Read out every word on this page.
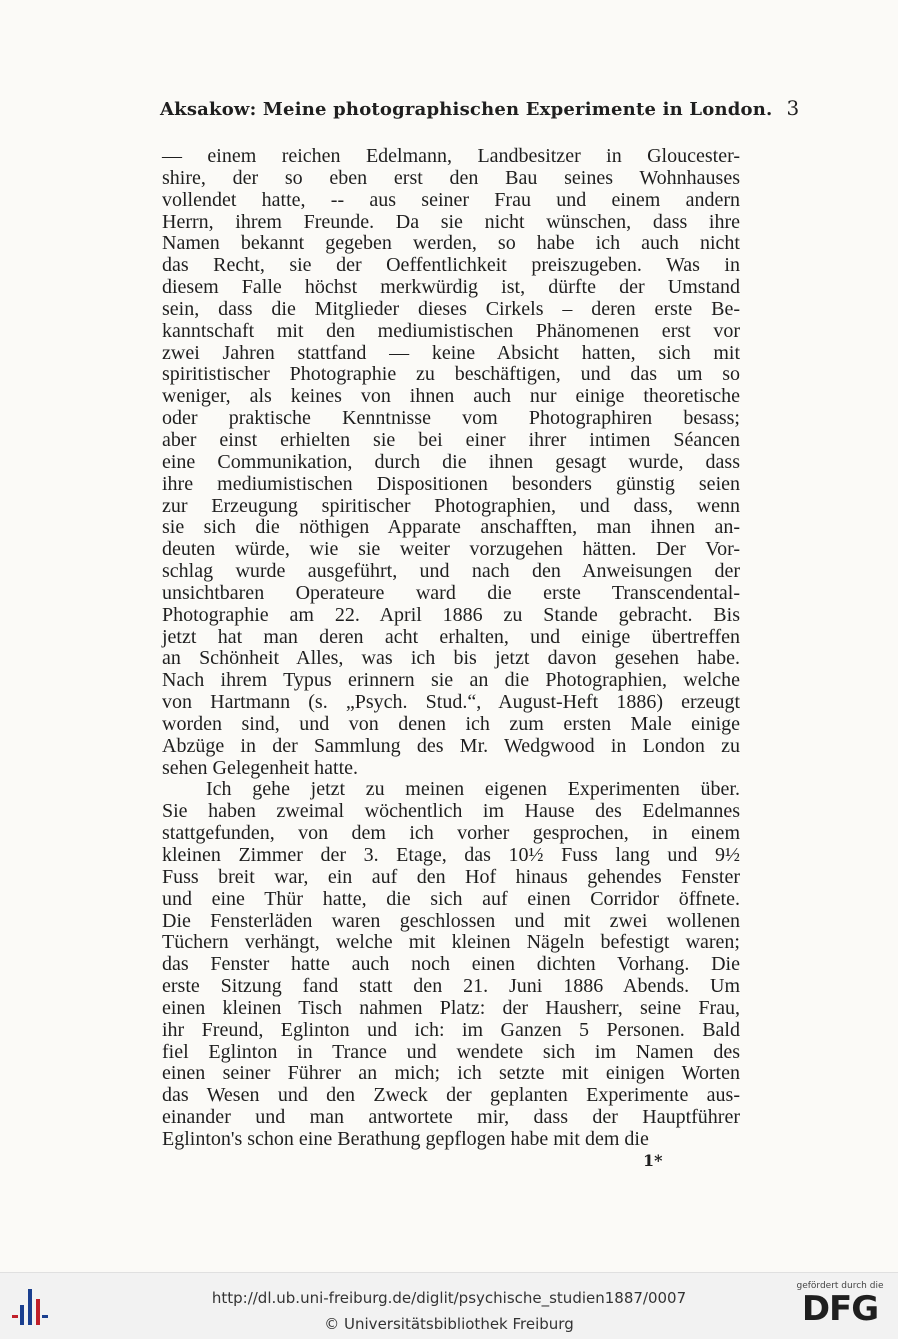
Aksakow: Meine photographischen Experimente in London. 3
— einem reichen Edelmann, Landbesitzer in Gloucester-
shire, der so eben erst den Bau seines Wohnhauses
vollendet hatte, -- aus seiner Frau und einem andern
Herrn, ihrem Freunde. Da sie nicht wünschen, dass ihre
Namen bekannt gegeben werden, so habe ich auch nicht
das Recht, sie der Oeffentlichkeit preiszugeben. Was in
diesem Falle höchst merkwürdig ist, dürfte der Umstand
sein, dass die Mitglieder dieses Cirkels – deren erste Be-
kanntschaft mit den mediumistischen Phänomenen erst vor
zwei Jahren stattfand — keine Absicht hatten, sich mit
spiritistischer Photographie zu beschäftigen, und das um so
weniger, als keines von ihnen auch nur einige theoretische
oder praktische Kenntnisse vom Photographiren besass;
aber einst erhielten sie bei einer ihrer intimen Séancen
eine Communikation, durch die ihnen gesagt wurde, dass
ihre mediumistischen Dispositionen besonders günstig seien
zur Erzeugung spiritischer Photographien, und dass, wenn
sie sich die nöthigen Apparate anschafften, man ihnen an-
deuten würde, wie sie weiter vorzugehen hätten. Der Vor-
schlag wurde ausgeführt, und nach den Anweisungen der
unsichtbaren Operateure ward die erste Transcendental-
Photographie am 22. April 1886 zu Stande gebracht. Bis
jetzt hat man deren acht erhalten, und einige übertreffen
an Schönheit Alles, was ich bis jetzt davon gesehen habe.
Nach ihrem Typus erinnern sie an die Photographien, welche
von Hartmann (s. „Psych. Stud.“, August-Heft 1886) erzeugt
worden sind, und von denen ich zum ersten Male einige
Abzüge in der Sammlung des Mr. Wedgwood in London zu
sehen Gelegenheit hatte.
Ich gehe jetzt zu meinen eigenen Experimenten über.
Sie haben zweimal wöchentlich im Hause des Edelmannes
stattgefunden, von dem ich vorher gesprochen, in einem
kleinen Zimmer der 3. Etage, das 10½ Fuss lang und 9½
Fuss breit war, ein auf den Hof hinaus gehendes Fenster
und eine Thür hatte, die sich auf einen Corridor öffnete.
Die Fensterläden waren geschlossen und mit zwei wollenen
Tüchern verhängt, welche mit kleinen Nägeln befestigt waren;
das Fenster hatte auch noch einen dichten Vorhang. Die
erste Sitzung fand statt den 21. Juni 1886 Abends. Um
einen kleinen Tisch nahmen Platz: der Hausherr, seine Frau,
ihr Freund, Eglinton und ich: im Ganzen 5 Personen. Bald
fiel Eglinton in Trance und wendete sich im Namen des
einen seiner Führer an mich; ich setzte mit einigen Worten
das Wesen und den Zweck der geplanten Experimente aus-
einander und man antwortete mir, dass der Hauptführer
Eglinton's schon eine Berathung gepflogen habe mit dem die
1*
http://dl.ub.uni-freiburg.de/diglit/psychische_studien1887/0007
© Universitätsbibliothek Freiburg
gefördert durch die
DFG
